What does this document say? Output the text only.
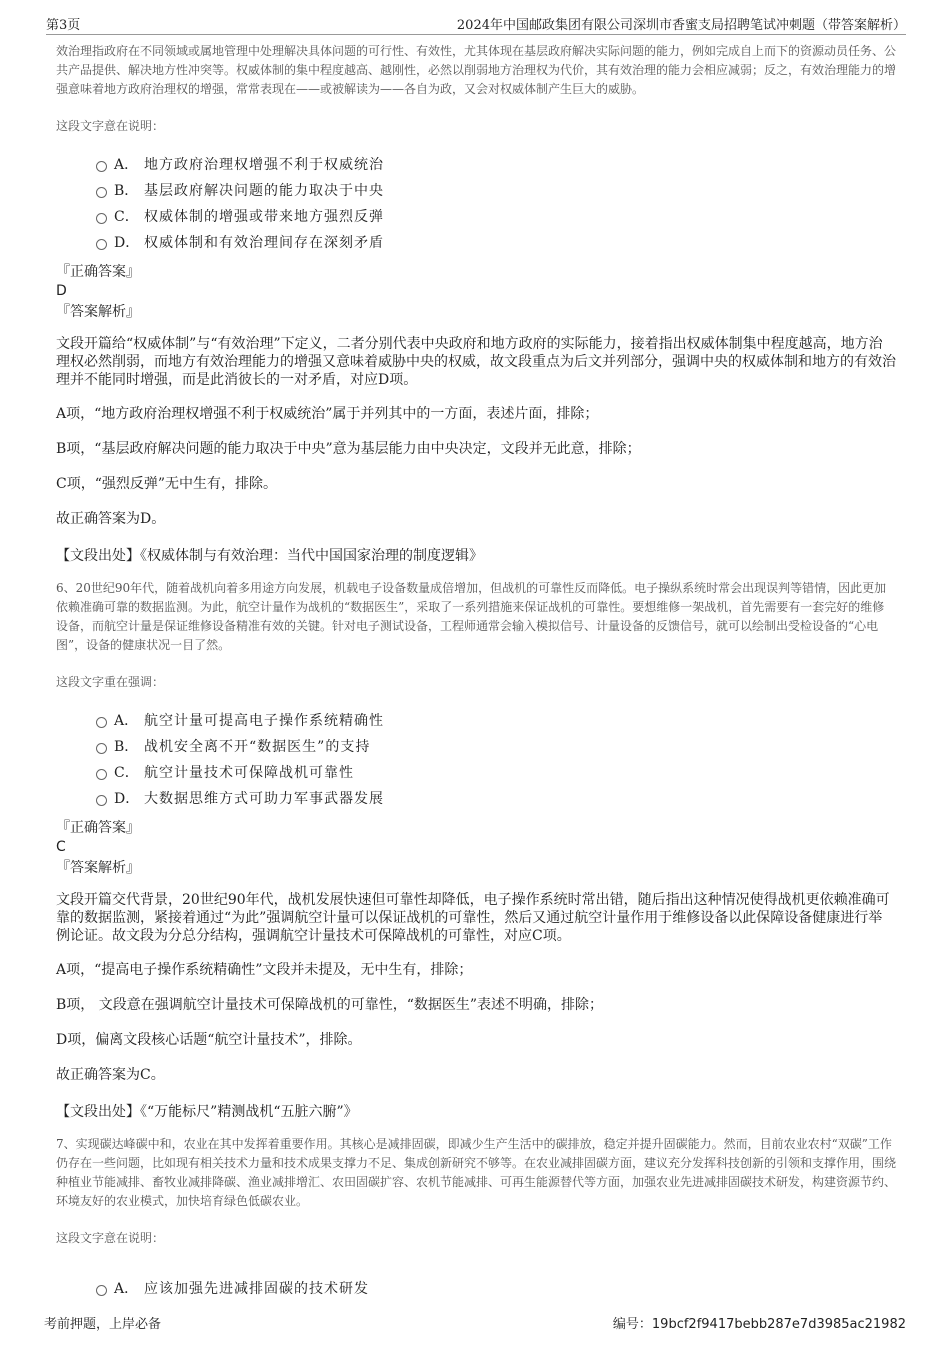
第3页	2024年中国邮政集团有限公司深圳市香蜜支局招聘笔试冲刺题（带答案解析）

效治理指政府在不同领域或属地管理中处理解决具体问题的可行性、有效性，尤其体现在基层政府解决实际问题的能力，例如完成自上而下的资源动员任务、公共产品提供、解决地方性冲突等。权威体制的集中程度越高、越刚性，必然以削弱地方治理权为代价，其有效治理的能力会相应减弱；反之，有效治理能力的增强意味着地方政府治理权的增强，常常表现在——或被解读为——各自为政，又会对权威体制产生巨大的威胁。

这段文字意在说明：

A． 地方政府治理权增强不利于权威统治
B． 基层政府解决问题的能力取决于中央
C． 权威体制的增强或带来地方强烈反弹
D． 权威体制和有效治理间存在深刻矛盾

『正确答案』

D

『答案解析』

文段开篇给“权威体制”与“有效治理”下定义，二者分别代表中央政府和地方政府的实际能力，接着指出权威体制集中程度越高，地方治理权必然削弱，而地方有效治理能力的增强又意味着威胁中央的权威，故文段重点为后文并列部分，强调中央的权威体制和地方的有效治理并不能同时增强，而是此消彼长的一对矛盾，对应D项。

A项，“地方政府治理权增强不利于权威统治”属于并列其中的一方面，表述片面，排除；

B项，“基层政府解决问题的能力取决于中央”意为基层能力由中央决定，文段并无此意，排除；

C项，“强烈反弹”无中生有，排除。

故正确答案为D。

【文段出处】《权威体制与有效治理：当代中国国家治理的制度逻辑》

6、20世纪90年代，随着战机向着多用途方向发展，机载电子设备数量成倍增加，但战机的可靠性反而降低。电子操纵系统时常会出现误判等错情，因此更加依赖准确可靠的数据监测。为此，航空计量作为战机的“数据医生”，采取了一系列措施来保证战机的可靠性。要想维修一架战机，首先需要有一套完好的维修设备，而航空计量是保证维修设备精准有效的关键。针对电子测试设备，工程师通常会输入模拟信号、计量设备的反馈信号，就可以绘制出受检设备的“心电图”，设备的健康状况一目了然。

这段文字重在强调：

A． 航空计量可提高电子操作系统精确性
B． 战机安全离不开“数据医生”的支持
C． 航空计量技术可保障战机可靠性
D． 大数据思维方式可助力军事武器发展

『正确答案』

C

『答案解析』

文段开篇交代背景，20世纪90年代，战机发展快速但可靠性却降低，电子操作系统时常出错，随后指出这种情况使得战机更依赖准确可靠的数据监测，紧接着通过“为此”强调航空计量可以保证战机的可靠性，然后又通过航空计量作用于维修设备以此保障设备健康进行举例论证。故文段为分总分结构，强调航空计量技术可保障战机的可靠性，对应C项。

A项，“提高电子操作系统精确性”文段并未提及，无中生有，排除；

B项， 文段意在强调航空计量技术可保障战机的可靠性，“数据医生”表述不明确，排除；

D项，偏离文段核心话题“航空计量技术”，排除。

故正确答案为C。

【文段出处】《“万能标尺”精测战机“五脏六腑”》

7、实现碳达峰碳中和，农业在其中发挥着重要作用。其核心是减排固碳，即减少生产生活中的碳排放，稳定并提升固碳能力。然而，目前农业农村“双碳”工作仍存在一些问题，比如现有相关技术力量和技术成果支撑力不足、集成创新研究不够等。在农业减排固碳方面，建议充分发挥科技创新的引领和支撑作用，围绕种植业节能减排、畜牧业减排降碳、渔业减排增汇、农田固碳扩容、农机节能减排、可再生能源替代等方面，加强农业先进减排固碳技术研发，构建资源节约、环境友好的农业模式，加快培育绿色低碳农业。

这段文字意在说明：

A． 应该加强先进减排固碳的技术研发
考前押题，上岸必备	编号：19bcf2f9417bebb287e7d3985ac21982
